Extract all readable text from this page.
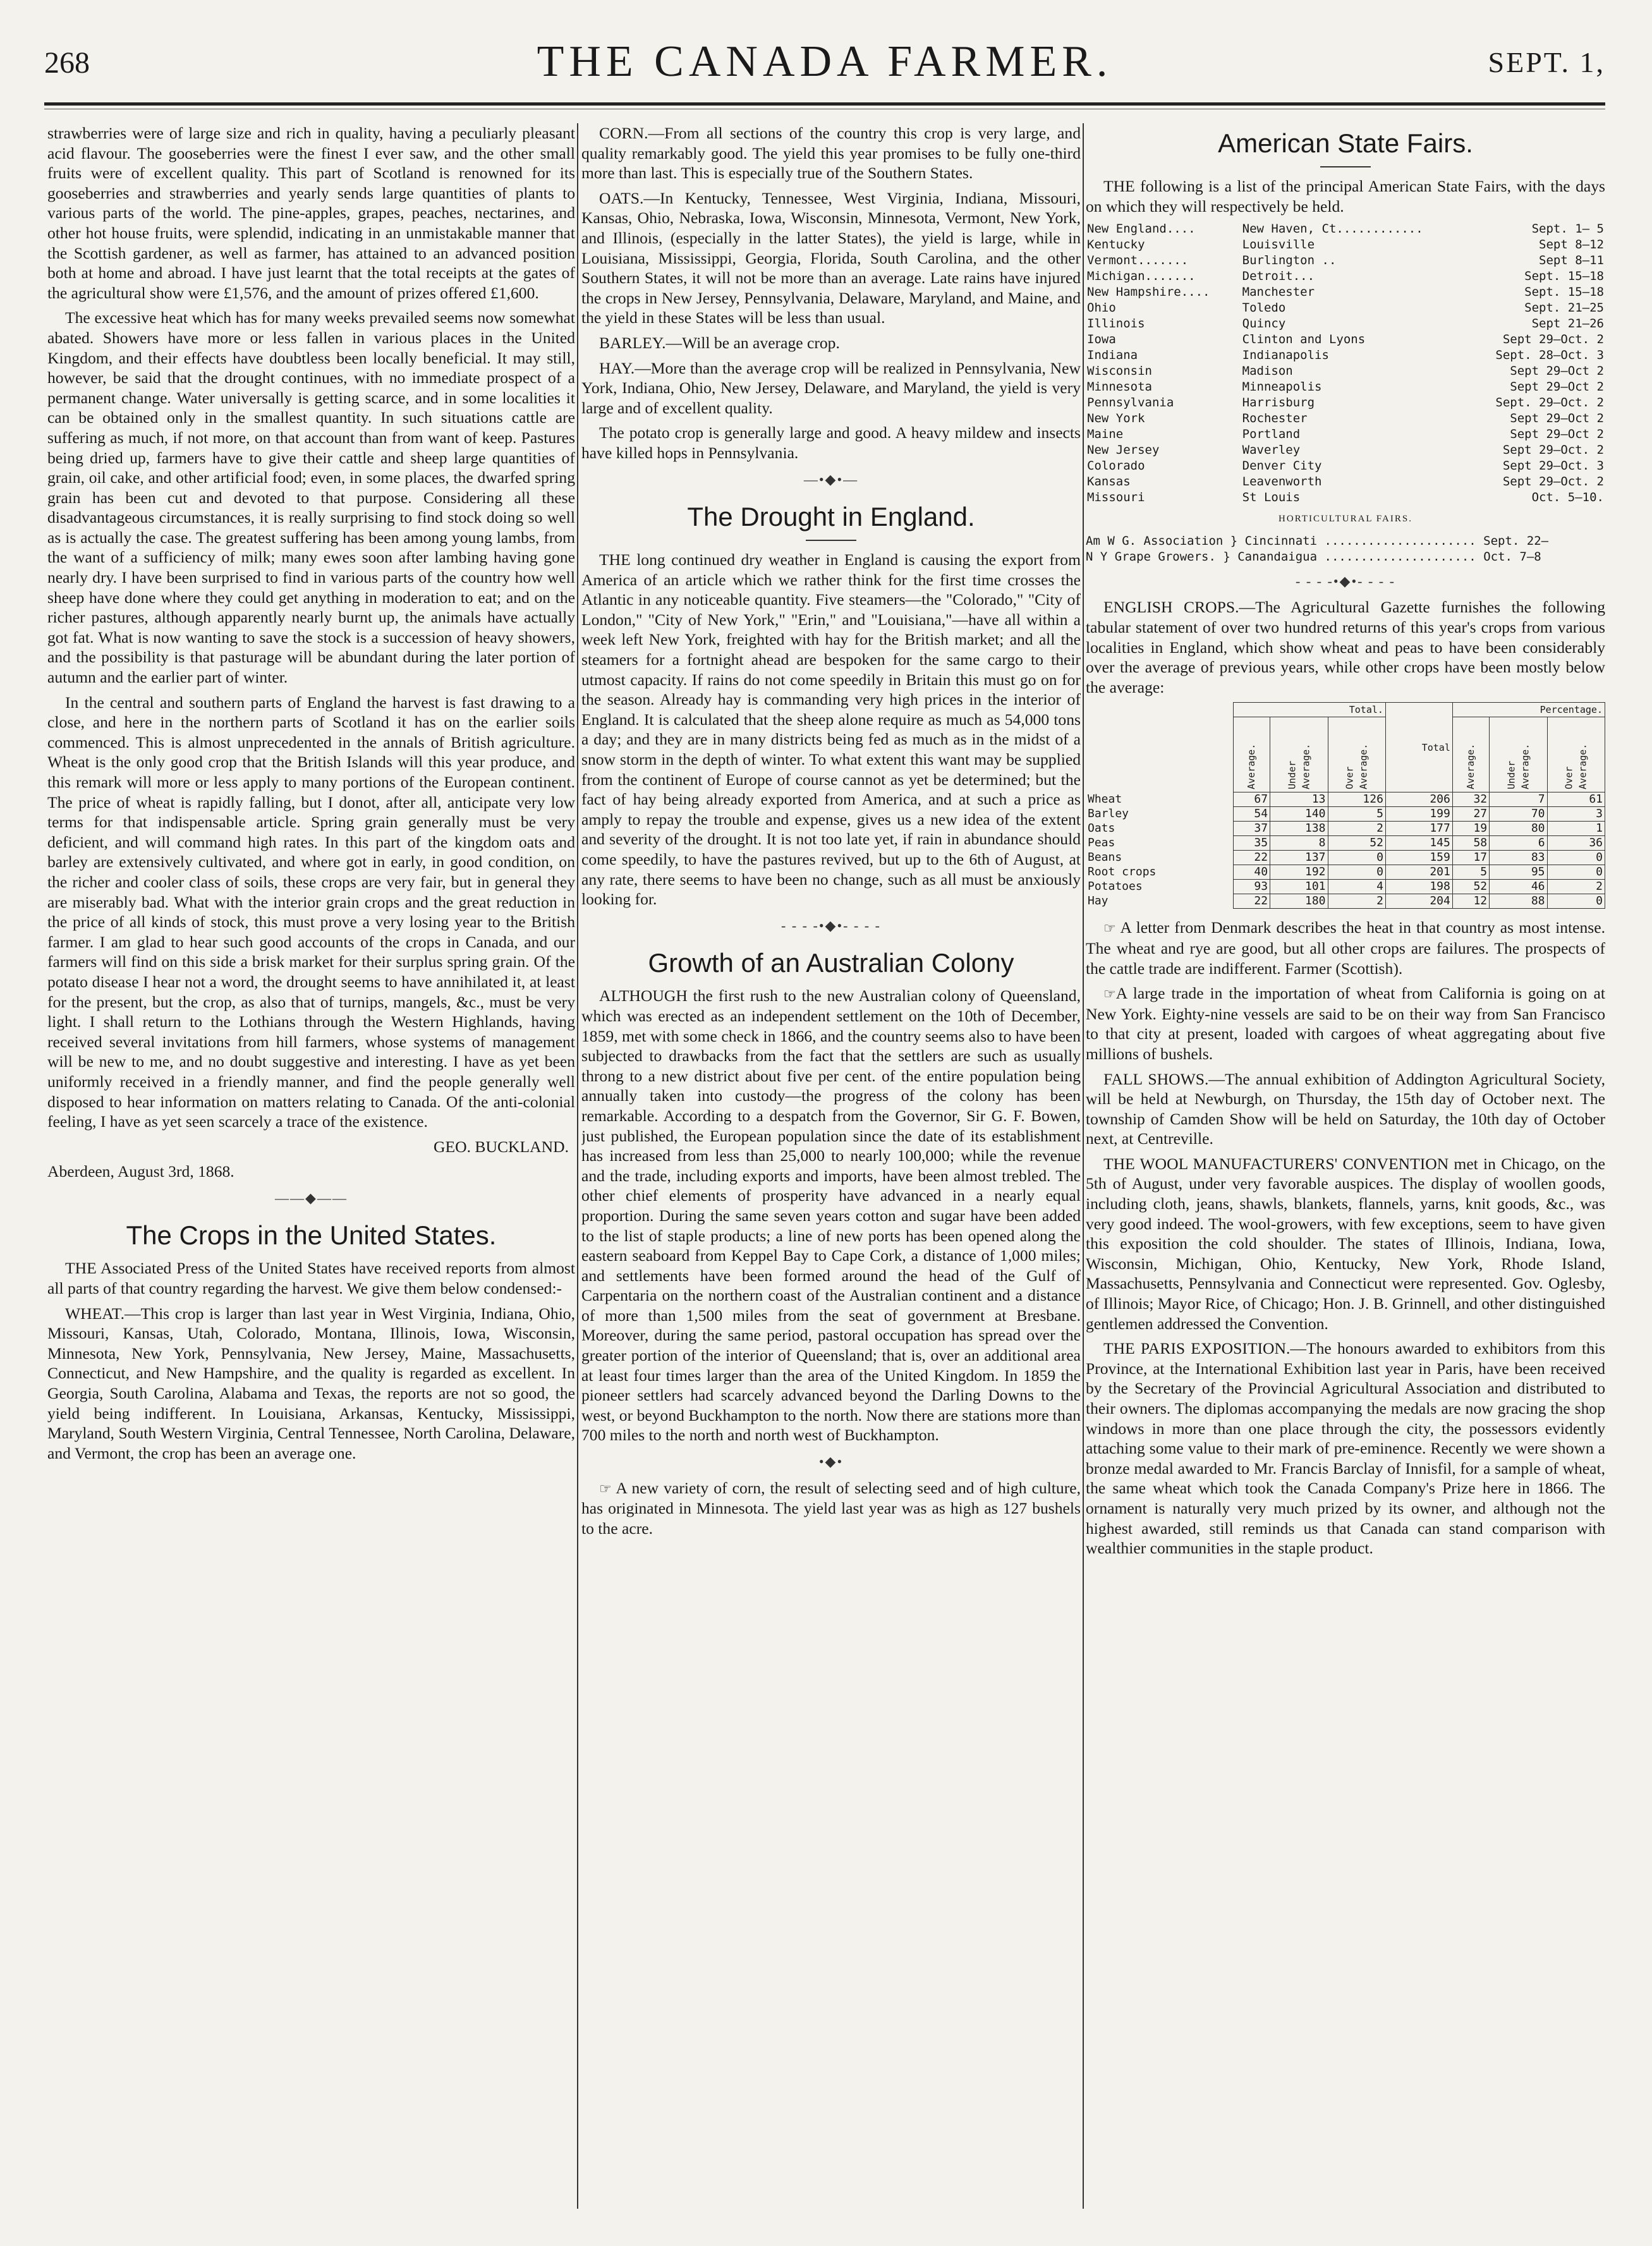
268	THE CANADA FARMER.	SEPT. 1,

strawberries were of large size and rich in quality, having a peculiarly pleasant acid flavour. The gooseberries were the finest I ever saw, and the other small fruits were of excellent quality. This part of Scotland is renowned for its gooseberries and strawberries and yearly sends large quantities of plants to various parts of the world. The pine-apples, grapes, peaches, nectarines, and other hot house fruits, were splendid, indicating in an unmistakable manner that the Scottish gardener, as well as farmer, has attained to an advanced position both at home and abroad. I have just learnt that the total receipts at the gates of the agricultural show were £1,576, and the amount of prizes offered £1,600.

The excessive heat which has for many weeks prevailed seems now somewhat abated. Showers have more or less fallen in various places in the United Kingdom, and their effects have doubtless been locally beneficial. It may still, however, be said that the drought continues, with no immediate prospect of a permanent change. Water universally is getting scarce, and in some localities it can be obtained only in the smallest quantity. In such situations cattle are suffering as much, if not more, on that account than from want of keep. Pastures being dried up, farmers have to give their cattle and sheep large quantities of grain, oil cake, and other artificial food; even, in some places, the dwarfed spring grain has been cut and devoted to that purpose. Considering all these disadvantageous circumstances, it is really surprising to find stock doing so well as is actually the case. The greatest suffering has been among young lambs, from the want of a sufficiency of milk; many ewes soon after lambing having gone nearly dry. I have been surprised to find in various parts of the country how well sheep have done where they could get anything in moderation to eat; and on the richer pastures, although apparently nearly burnt up, the animals have actually got fat. What is now wanting to save the stock is a succession of heavy showers, and the possibility is that pasturage will be abundant during the later portion of autumn and the earlier part of winter.

In the central and southern parts of England the harvest is fast drawing to a close, and here in the northern parts of Scotland it has on the earlier soils commenced. This is almost unprecedented in the annals of British agriculture. Wheat is the only good crop that the British Islands will this year produce, and this remark will more or less apply to many portions of the European continent. The price of wheat is rapidly falling, but I donot, after all, anticipate very low terms for that indispensable article. Spring grain generally must be very deficient, and will command high rates. In this part of the kingdom oats and barley are extensively cultivated, and where got in early, in good condition, on the richer and cooler class of soils, these crops are very fair, but in general they are miserably bad. What with the interior grain crops and the great reduction in the price of all kinds of stock, this must prove a very losing year to the British farmer. I am glad to hear such good accounts of the crops in Canada, and our farmers will find on this side a brisk market for their surplus spring grain. Of the potato disease I hear not a word, the drought seems to have annihilated it, at least for the present, but the crop, as also that of turnips, mangels, &c., must be very light. I shall return to the Lothians through the Western Highlands, having received several invitations from hill farmers, whose systems of management will be new to me, and no doubt suggestive and interesting. I have as yet been uniformly received in a friendly manner, and find the people generally well disposed to hear information on matters relating to Canada. Of the anti-colonial feeling, I have as yet seen scarcely a trace of the existence.

GEO. BUCKLAND.

Aberdeen, August 3rd, 1868.

——◆——
The Crops in the United States.

THE Associated Press of the United States have received reports from almost all parts of that country regarding the harvest. We give them below condensed:-

WHEAT.—This crop is larger than last year in West Virginia, Indiana, Ohio, Missouri, Kansas, Utah, Colorado, Montana, Illinois, Iowa, Wisconsin, Minnesota, New York, Pennsylvania, New Jersey, Maine, Massachusetts, Connecticut, and New Hampshire, and the quality is regarded as excellent. In Georgia, South Carolina, Alabama and Texas, the reports are not so good, the yield being indifferent. In Louisiana, Arkansas, Kentucky, Mississippi, Maryland, South Western Virginia, Central Tennessee, North Carolina, Delaware, and Vermont, the crop has been an average one.

CORN.—From all sections of the country this crop is very large, and quality remarkably good. The yield this year promises to be fully one-third more than last. This is especially true of the Southern States.

OATS.—In Kentucky, Tennessee, West Virginia, Indiana, Missouri, Kansas, Ohio, Nebraska, Iowa, Wisconsin, Minnesota, Vermont, New York, and Illinois, (especially in the latter States), the yield is large, while in Louisiana, Mississippi, Georgia, Florida, South Carolina, and the other Southern States, it will not be more than an average. Late rains have injured the crops in New Jersey, Pennsylvania, Delaware, Maryland, and Maine, and the yield in these States will be less than usual.

BARLEY.—Will be an average crop.

HAY.—More than the average crop will be realized in Pennsylvania, New York, Indiana, Ohio, New Jersey, Delaware, and Maryland, the yield is very large and of excellent quality.

The potato crop is generally large and good. A heavy mildew and insects have killed hops in Pennsylvania.

—•◆•—
The Drought in England.

THE long continued dry weather in England is causing the export from America of an article which we rather think for the first time crosses the Atlantic in any noticeable quantity. Five steamers—the "Colorado," "City of London," "City of New York," "Erin," and "Louisiana,"—have all within a week left New York, freighted with hay for the British market; and all the steamers for a fortnight ahead are bespoken for the same cargo to their utmost capacity. If rains do not come speedily in Britain this must go on for the season. Already hay is commanding very high prices in the interior of England. It is calculated that the sheep alone require as much as 54,000 tons a day; and they are in many districts being fed as much as in the midst of a snow storm in the depth of winter. To what extent this want may be supplied from the continent of Europe of course cannot as yet be determined; but the fact of hay being already exported from America, and at such a price as amply to repay the trouble and expense, gives us a new idea of the extent and severity of the drought. It is not too late yet, if rain in abundance should come speedily, to have the pastures revived, but up to the 6th of August, at any rate, there seems to have been no change, such as all must be anxiously looking for.

- - - -•◆•- - - -
Growth of an Australian Colony

ALTHOUGH the first rush to the new Australian colony of Queensland, which was erected as an independent settlement on the 10th of December, 1859, met with some check in 1866, and the country seems also to have been subjected to drawbacks from the fact that the settlers are such as usually throng to a new district about five per cent. of the entire population being annually taken into custody—the progress of the colony has been remarkable. According to a despatch from the Governor, Sir G. F. Bowen, just published, the European population since the date of its establishment has increased from less than 25,000 to nearly 100,000; while the revenue and the trade, including exports and imports, have been almost trebled. The other chief elements of prosperity have advanced in a nearly equal proportion. During the same seven years cotton and sugar have been added to the list of staple products; a line of new ports has been opened along the eastern seaboard from Keppel Bay to Cape Cork, a distance of 1,000 miles; and settlements have been formed around the head of the Gulf of Carpentaria on the northern coast of the Australian continent and a distance of more than 1,500 miles from the seat of government at Bresbane. Moreover, during the same period, pastoral occupation has spread over the greater portion of the interior of Queensland; that is, over an additional area at least four times larger than the area of the United Kingdom. In 1859 the pioneer settlers had scarcely advanced beyond the Darling Downs to the west, or beyond Buckhampton to the north. Now there are stations more than 700 miles to the north and north west of Buckhampton.

•◆•

☞ A new variety of corn, the result of selecting seed and of high culture, has originated in Minnesota. The yield last year was as high as 127 bushels to the acre.

American State Fairs.

THE following is a list of the principal American State Fairs, with the days on which they will respectively be held.

New England....	New Haven, Ct............	Sept. 1— 5
Kentucky	Louisville	Sept 8—12
Vermont.......	Burlington ..	Sept 8—11
Michigan.......	Detroit...	Sept. 15—18
New Hampshire....	Manchester	Sept. 15—18
Ohio	Toledo	Sept. 21—25
Illinois	Quincy	Sept 21—26
Iowa	Clinton and Lyons	Sept 29—Oct. 2
Indiana	Indianapolis	Sept. 28—Oct. 3
Wisconsin	Madison	Sept 29—Oct 2
Minnesota	Minneapolis	Sept 29—Oct 2
Pennsylvania	Harrisburg	Sept. 29—Oct. 2
New York	Rochester	Sept 29—Oct 2
Maine	Portland	Sept 29—Oct 2
New Jersey	Waverley	Sept 29—Oct. 2
Colorado	Denver City	Sept 29—Oct. 3
Kansas	Leavenworth	Sept 29—Oct. 2
Missouri	St Louis	Oct. 5—10.
HORTICULTURAL FAIRS.
Am W G. Association } Cincinnati ..................... Sept. 22—
N Y Grape Growers. } Canandaigua ..................... Oct. 7—8
- - - -•◆•- - - -

ENGLISH CROPS.—The Agricultural Gazette furnishes the following tabular statement of over two hundred returns of this year's crops from various localities in England, which show wheat and peas to have been considerably over the average of previous years, while other crops have been mostly below the average:

	Total.			Total	Percentage.		
	Average.	Under Average.	Over Average.		Average.	Under Average.	Over Average.
Wheat	67	13	126	206	32	7	61
Barley	54	140	5	199	27	70	3
Oats	37	138	2	177	19	80	1
Peas	35	8	52	145	58	6	36
Beans	22	137	0	159	17	83	0
Root crops	40	192	0	201	5	95	0
Potatoes	93	101	4	198	52	46	2
Hay	22	180	2	204	12	88	0

☞ A letter from Denmark describes the heat in that country as most intense. The wheat and rye are good, but all other crops are failures. The prospects of the cattle trade are indifferent. Farmer (Scottish).

☞A large trade in the importation of wheat from California is going on at New York. Eighty-nine vessels are said to be on their way from San Francisco to that city at present, loaded with cargoes of wheat aggregating about five millions of bushels.

FALL SHOWS.—The annual exhibition of Addington Agricultural Society, will be held at Newburgh, on Thursday, the 15th day of October next. The township of Camden Show will be held on Saturday, the 10th day of October next, at Centreville.

THE WOOL MANUFACTURERS' CONVENTION met in Chicago, on the 5th of August, under very favorable auspices. The display of woollen goods, including cloth, jeans, shawls, blankets, flannels, yarns, knit goods, &c., was very good indeed. The wool-growers, with few exceptions, seem to have given this exposition the cold shoulder. The states of Illinois, Indiana, Iowa, Wisconsin, Michigan, Ohio, Kentucky, New York, Rhode Island, Massachusetts, Pennsylvania and Connecticut were represented. Gov. Oglesby, of Illinois; Mayor Rice, of Chicago; Hon. J. B. Grinnell, and other distinguished gentlemen addressed the Convention.

THE PARIS EXPOSITION.—The honours awarded to exhibitors from this Province, at the International Exhibition last year in Paris, have been received by the Secretary of the Provincial Agricultural Association and distributed to their owners. The diplomas accompanying the medals are now gracing the shop windows in more than one place through the city, the possessors evidently attaching some value to their mark of pre-eminence. Recently we were shown a bronze medal awarded to Mr. Francis Barclay of Innisfil, for a sample of wheat, the same wheat which took the Canada Company's Prize here in 1866. The ornament is naturally very much prized by its owner, and although not the highest awarded, still reminds us that Canada can stand comparison with wealthier communities in the staple product.
